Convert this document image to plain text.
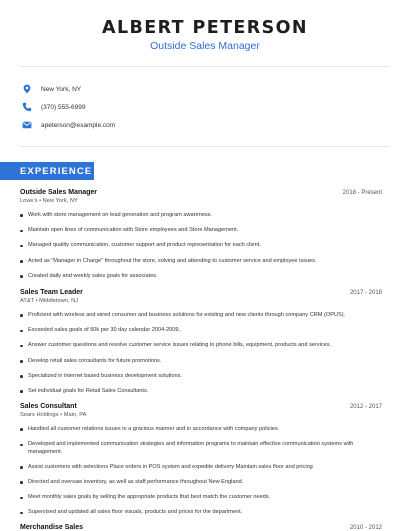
ALBERT PETERSON
Outside Sales Manager
New York, NY
(370) 555-6999
apeterson@example.com
EXPERIENCE
Outside Sales Manager	2018 - Present
Lowe's • New York, NY
Work with store management on lead generation and program awareness.
Maintain open lines of communication with Store employees and Store Management.
Managed quality communication, customer support and product representation for each client.
Acted as "Manager in Charge" throughout the store, solving and attending to customer service and employee issues.
Created daily and weekly sales goals for associates.
Sales Team Leader	2017 - 2018
AT&T • Middletown, NJ
Proficient with wireless and wired consumer and business solutions for existing and new clients through company CRM (OPUS).
Exceeded sales goals of 50k per 30 day calendar 2004-2009..
Answer customer questions and resolve customer service issues relating to phone bills, equipment, products and services.
Develop retail sales consultants for future promotions.
Specialized in internet based business development solutions.
Set individual goals for Retail Sales Consultants.
Sales Consultant	2012 - 2017
Sears Holdings • Main, PA
Handled all customer relations issues in a gracious manner and in accordance with company policies.
Developed and implemented communication strategies and information programs to maintain effective communication systems with management.
Assist customers with selections Place orders in POS system and expedite delivery Maintain sales floor and pricing
Directed and oversaw inventory, as well as staff performance throughout New England.
Meet monthly sales goals by selling the appropriate products that best match the customer needs.
Supervised and updated all sales floor visuals, products and prices for the department.
Merchandise Sales	2010 - 2012
